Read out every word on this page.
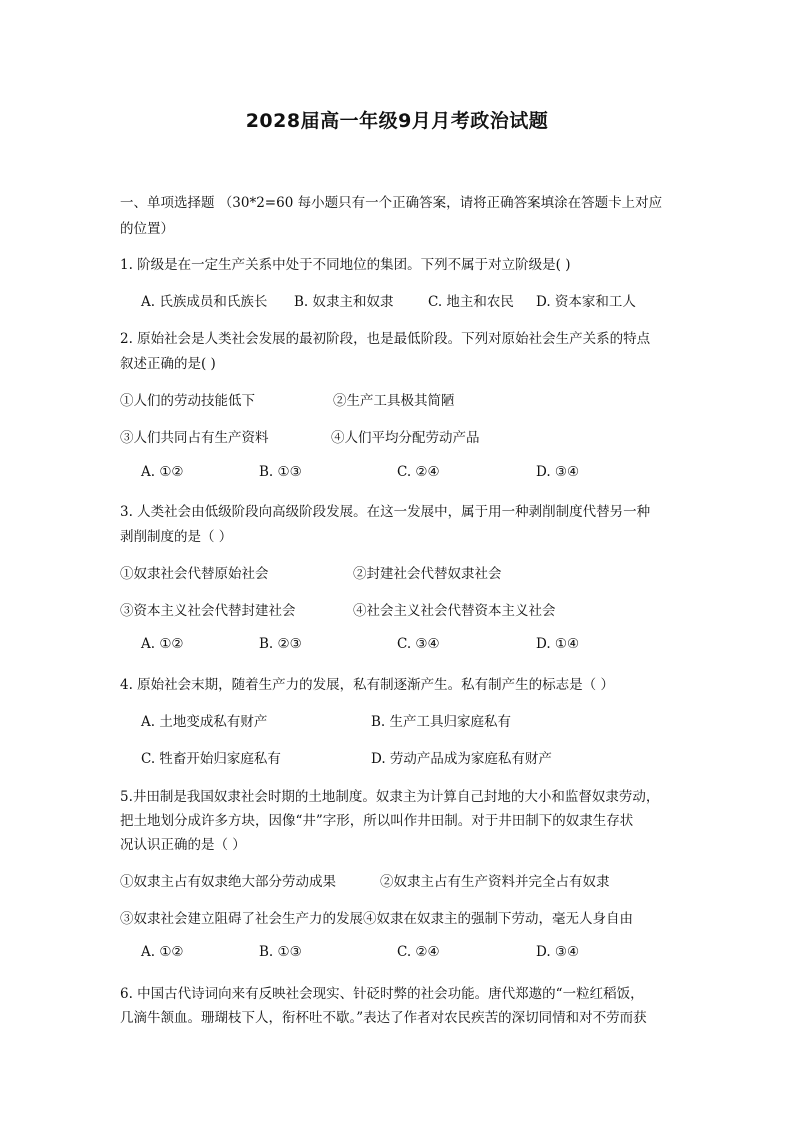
2028届高一年级9月月考政治试题
一、单项选择题 （30*2=60 每小题只有一个正确答案，请将正确答案填涂在答题卡上对应
的位置）
1. 阶级是在一定生产关系中处于不同地位的集团。下列不属于对立阶级是( )
A. 氏族成员和氏族长 B. 奴隶主和奴隶	C. 地主和农民 D. 资本家和工人
2. 原始社会是人类社会发展的最初阶段，也是最低阶段。下列对原始社会生产关系的特点
叙述正确的是( )
①人们的劳动技能低下	②生产工具极其简陋
③人们共同占有生产资料	④人们平均分配劳动产品
A. ①②	B. ①③	C. ②④	D. ③④
3. 人类社会由低级阶段向高级阶段发展。在这一发展中，属于用一种剥削制度代替另一种
剥削制度的是（ ）
①奴隶社会代替原始社会	②封建社会代替奴隶社会
③资本主义社会代替封建社会	④社会主义社会代替资本主义社会
A. ①②	B. ②③	C. ③④	D. ①④
4. 原始社会末期，随着生产力的发展，私有制逐渐产生。私有制产生的标志是（ ）
A. 土地变成私有财产	B. 生产工具归家庭私有
C. 牲畜开始归家庭私有	D. 劳动产品成为家庭私有财产
5.井田制是我国奴隶社会时期的土地制度。奴隶主为计算自己封地的大小和监督奴隶劳动，
把土地划分成许多方块，因像“井”字形，所以叫作井田制。对于井田制下的奴隶生存状
况认识正确的是（ ）
①奴隶主占有奴隶绝大部分劳动成果	②奴隶主占有生产资料并完全占有奴隶
③奴隶社会建立阻碍了社会生产力的发展④奴隶在奴隶主的强制下劳动，毫无人身自由
A. ①②	B. ①③	C. ②④	D. ③④
6. 中国古代诗词向来有反映社会现实、针砭时弊的社会功能。唐代郑遨的“一粒红稻饭，
几滴牛颔血。珊瑚枝下人，衔杯吐不歇。”表达了作者对农民疾苦的深切同情和对不劳而获
